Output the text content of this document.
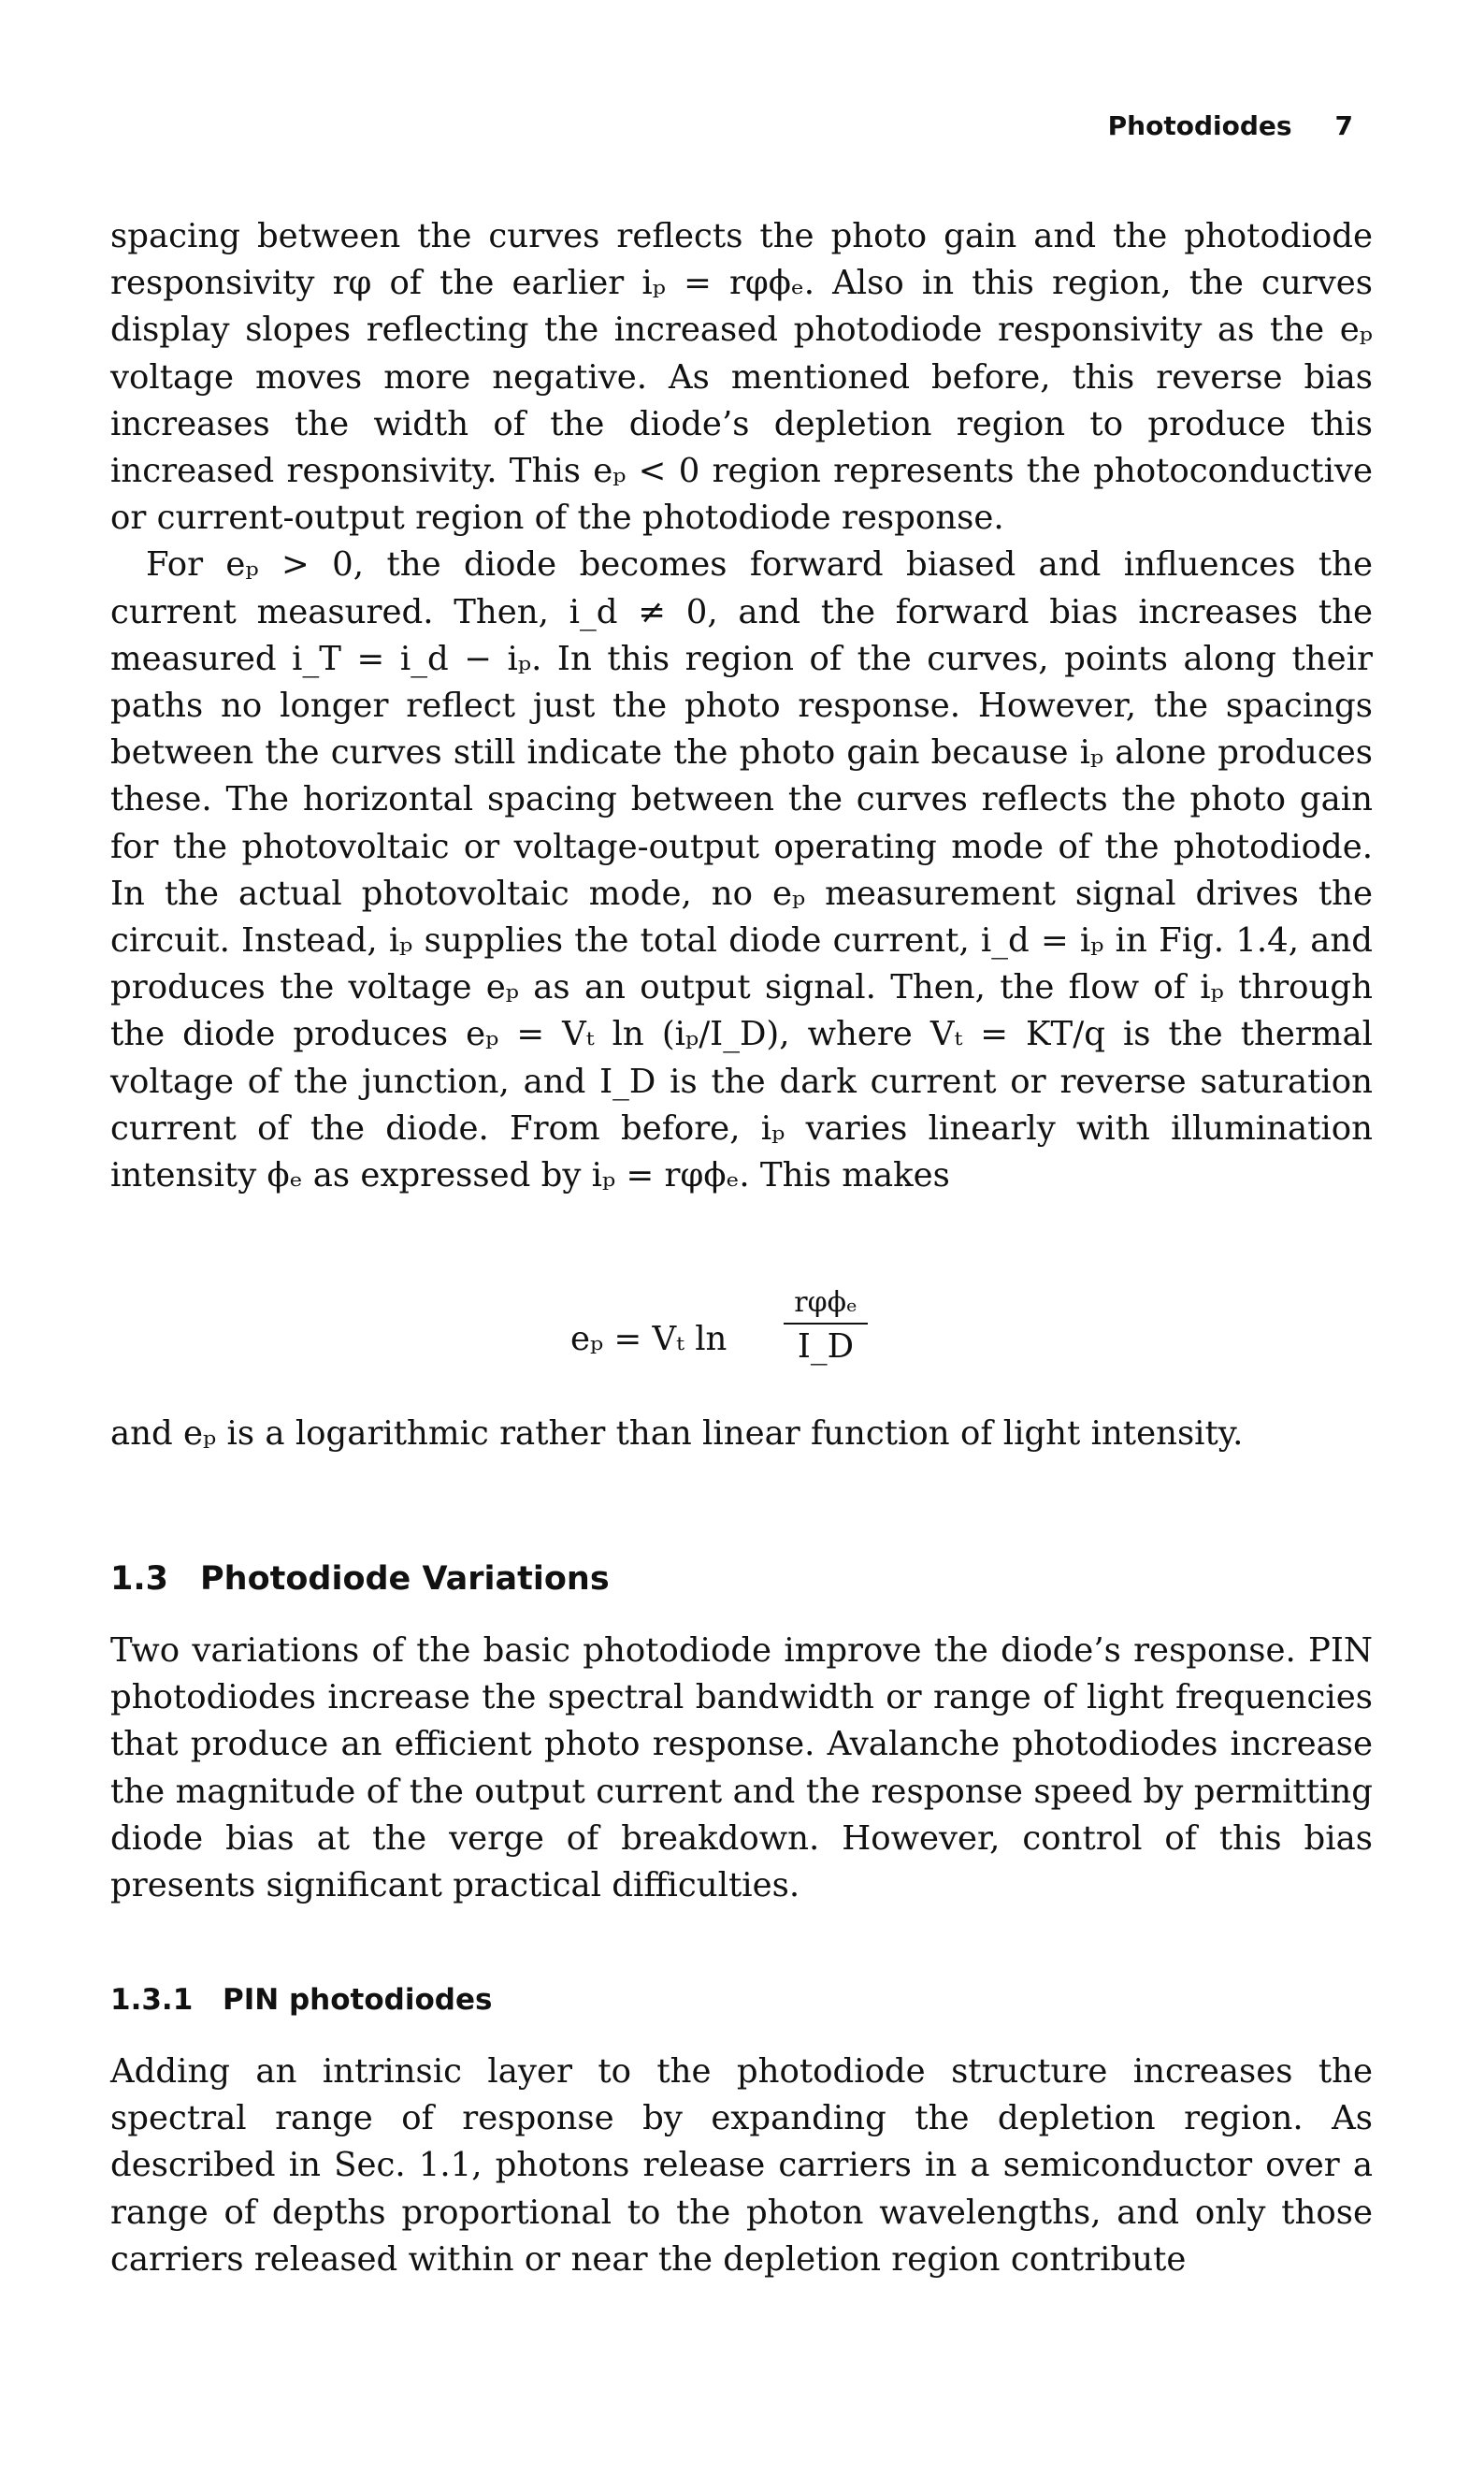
Photodiodes 7

spacing between the curves reflects the photo gain and the photodiode responsivity rφ of the earlier iₚ = rφϕₑ. Also in this region, the curves display slopes reflecting the increased photodiode responsivity as the eₚ voltage moves more negative. As mentioned before, this reverse bias increases the width of the diode’s depletion region to produce this increased responsivity. This eₚ < 0 region represents the photoconductive or current-output region of the photodiode response.

For eₚ > 0, the diode becomes forward biased and influences the current measured. Then, i_d ≠ 0, and the forward bias increases the measured i_T = i_d − iₚ. In this region of the curves, points along their paths no longer reflect just the photo response. However, the spacings between the curves still indicate the photo gain because iₚ alone produces these. The horizontal spacing between the curves reflects the photo gain for the photovoltaic or voltage-output operating mode of the photodiode. In the actual photovoltaic mode, no eₚ measurement signal drives the circuit. Instead, iₚ supplies the total diode current, i_d = iₚ in Fig. 1.4, and produces the voltage eₚ as an output signal. Then, the flow of iₚ through the diode produces eₚ = Vₜ ln (iₚ/I_D), where Vₜ = KT/q is the thermal voltage of the junction, and I_D is the dark current or reverse saturation current of the diode. From before, iₚ varies linearly with illumination intensity ϕₑ as expressed by iₚ = rφϕₑ. This makes

eₚ = Vₜ ln
rφϕₑ
I_D

and eₚ is a logarithmic rather than linear function of light intensity.

1.3 Photodiode Variations

Two variations of the basic photodiode improve the diode’s response. PIN photodiodes increase the spectral bandwidth or range of light frequencies that produce an efficient photo response. Avalanche photodiodes increase the magnitude of the output current and the response speed by permitting diode bias at the verge of breakdown. However, control of this bias presents significant practical difficulties.

1.3.1 PIN photodiodes

Adding an intrinsic layer to the photodiode structure increases the spectral range of response by expanding the depletion region. As described in Sec. 1.1, photons release carriers in a semiconductor over a range of depths proportional to the photon wavelengths, and only those carriers released within or near the depletion region contribute
